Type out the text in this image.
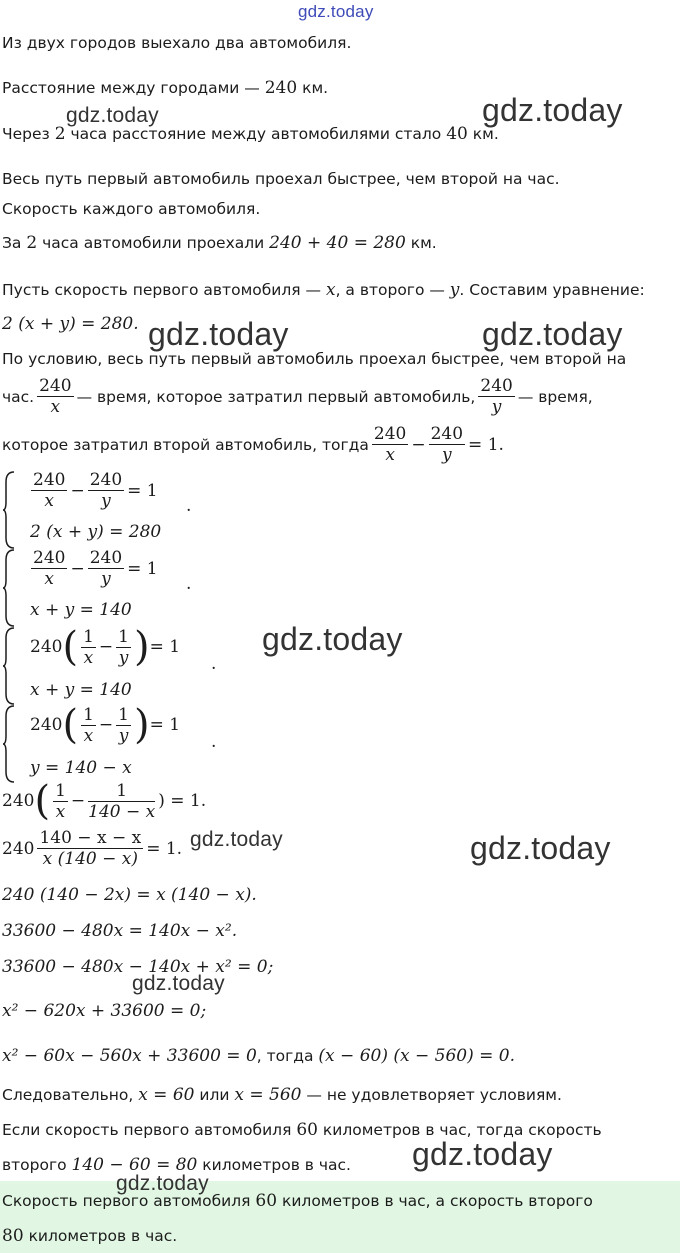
gdz.today
Из двух городов выехало два автомобиля.
Расстояние между городами — 240 км.
Через 2 часа расстояние между автомобилями стало 40 км.
Весь путь первый автомобиль проехал быстрее, чем второй на час.
Скорость каждого автомобиля.
За 2 часа автомобили проехали 240 + 40 = 280 км.
Пусть скорость первого автомобиля — x, а второго — y. Составим уравнение:
2 (x + y) = 280.
По условию, весь путь первый автомобиль проехал быстрее, чем второй на
час. $\frac{240}{x}$ — время, которое затратил первый автомобиль, $\frac{240}{y}$ — время,
которое затратил второй автомобиль, тогда $\frac{240}{x} - \frac{240}{y} = 1$.
$\frac{240}{x} - \frac{240}{y} = 1$
2 (x + y) = 280
.
$\frac{240}{x} - \frac{240}{y} = 1$
x + y = 140
.
240 ( $\frac{1}{x} - \frac{1}{y}$ ) = 1
x + y = 140
.
240 ( $\frac{1}{x} - \frac{1}{y}$ ) = 1
y = 140 − x
.
240 ( $\frac{1}{x} - \frac{1}{140 - x}$ ) = 1.
$240 \frac{140 - x - x}{x (140 - x)} = 1$.
240 (140 − 2x) = x (140 − x).
33600 − 480x = 140x − x².
33600 − 480x − 140x + x² = 0;
x² − 620x + 33600 = 0;
x² − 60x − 560x + 33600 = 0, тогда (x − 60) (x − 560) = 0.
Следовательно, x = 60 или x = 560 — не удовлетворяет условиям.
Если скорость первого автомобиля 60 километров в час, тогда скорость
второго 140 − 60 = 80 километров в час.
Скорость первого автомобиля 60 километров в час, а скорость второго
80 километров в час.
gdz.today	gdz.today
gdz.today	gdz.today
gdz.today
gdz.today	gdz.today
gdz.today
gdz.today
gdz.today
